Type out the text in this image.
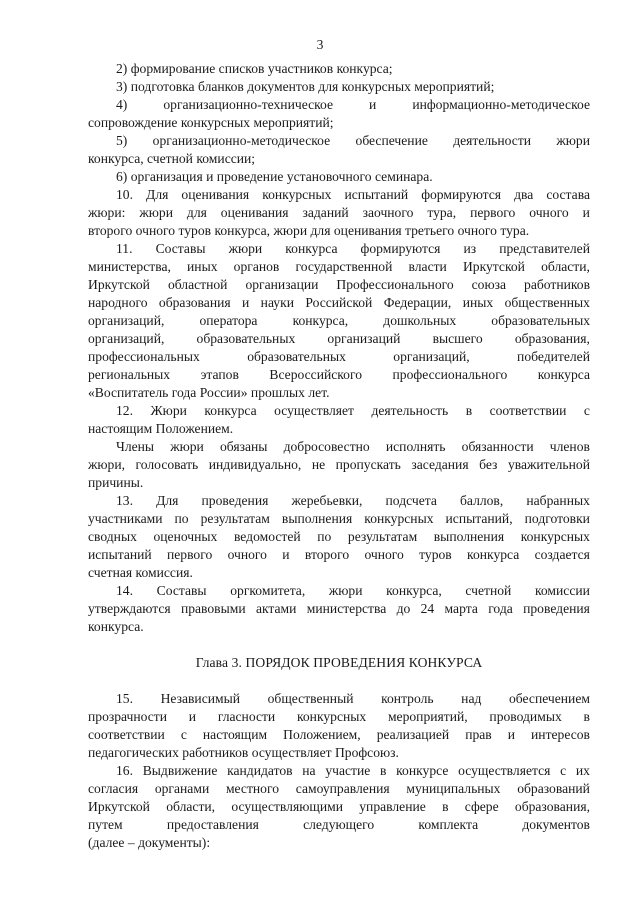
3
2) формирование списков участников конкурса;
3) подготовка бланков документов для конкурсных мероприятий;
4)	организационно-техническое	и	информационно-методическое
сопровождение конкурсных мероприятий;
5) организационно-методическое обеспечение деятельности жюри
конкурса, счетной комиссии;
6) организация и проведение установочного семинара.
10. Для оценивания конкурсных испытаний формируются два состава
жюри: жюри для оценивания заданий заочного тура, первого очного и
второго очного туров конкурса, жюри для оценивания третьего очного тура.
11. Составы жюри конкурса формируются из представителей
министерства, иных органов государственной власти Иркутской области,
Иркутской областной организации Профессионального союза работников
народного образования и науки Российской Федерации, иных общественных
организаций,	оператора	конкурса,	дошкольных	образовательных
организаций, образовательных организаций высшего образования,
профессиональных	образовательных	организаций,	победителей
региональных этапов Всероссийского профессионального конкурса
«Воспитатель года России» прошлых лет.
12. Жюри конкурса осуществляет деятельность в соответствии с
настоящим Положением.
Члены жюри обязаны добросовестно исполнять обязанности членов
жюри, голосовать индивидуально, не пропускать заседания без уважительной
причины.
13. Для проведения жеребьевки, подсчета баллов, набранных
участниками по результатам выполнения конкурсных испытаний, подготовки
сводных оценочных ведомостей по результатам выполнения конкурсных
испытаний первого очного и второго очного туров конкурса создается
счетная комиссия.
14. Составы оргкомитета, жюри конкурса, счетной комиссии
утверждаются правовыми актами министерства до 24 марта года проведения
конкурса.
Глава 3. ПОРЯДОК ПРОВЕДЕНИЯ КОНКУРСА
15. Независимый общественный контроль над обеспечением
прозрачности и гласности конкурсных мероприятий, проводимых в
соответствии с настоящим Положением, реализацией прав и интересов
педагогических работников осуществляет Профсоюз.
16. Выдвижение кандидатов на участие в конкурсе осуществляется с их
согласия органами местного самоуправления муниципальных образований
Иркутской области, осуществляющими управление в сфере образования,
путем	предоставления	следующего	комплекта	документов
(далее – документы):
